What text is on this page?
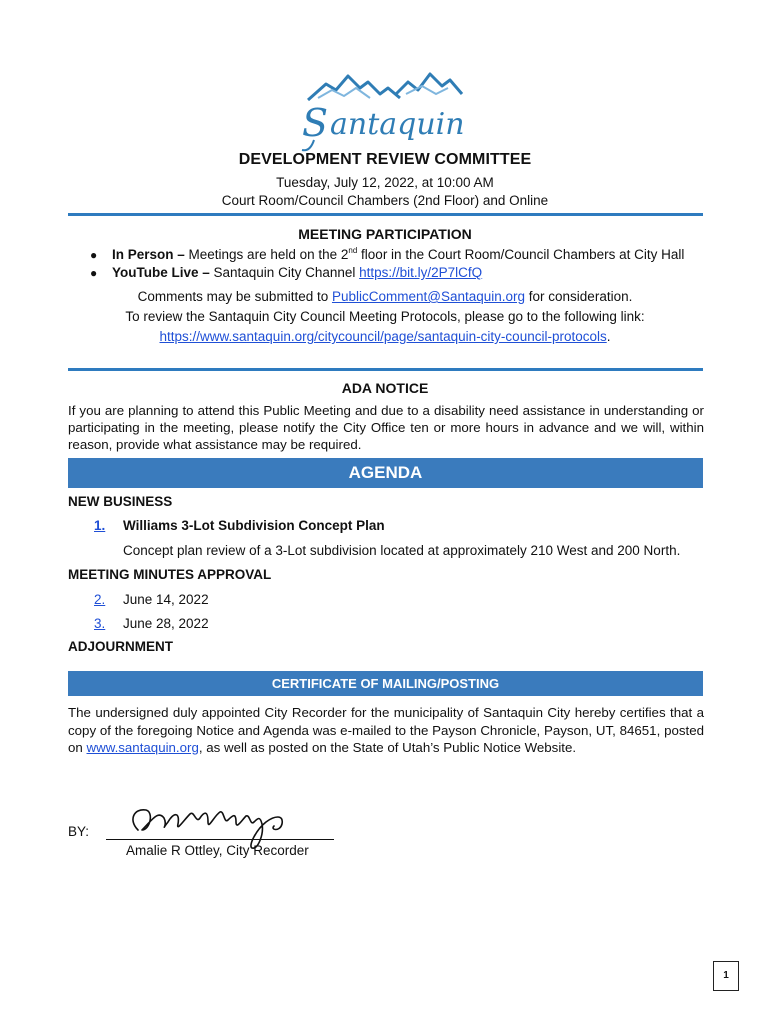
S antaquin
DEVELOPMENT REVIEW COMMITTEE
Tuesday, July 12, 2022, at 10:00 AM
Court Room/Council Chambers (2nd Floor) and Online
MEETING PARTICIPATION
● In Person – Meetings are held on the 2nd floor in the Court Room/Council Chambers at City Hall
● YouTube Live – Santaquin City Channel https://bit.ly/2P7lCfQ
Comments may be submitted to PublicComment@Santaquin.org for consideration.
To review the Santaquin City Council Meeting Protocols, please go to the following link:
https://www.santaquin.org/citycouncil/page/santaquin-city-council-protocols.
ADA NOTICE
If you are planning to attend this Public Meeting and due to a disability need assistance in understanding or participating in the meeting, please notify the City Office ten or more hours in advance and we will, within reason, provide what assistance may be required.
AGENDA
NEW BUSINESS
1. Williams 3-Lot Subdivision Concept Plan
Concept plan review of a 3-Lot subdivision located at approximately 210 West and 200 North.
MEETING MINUTES APPROVAL
2. June 14, 2022
3. June 28, 2022
ADJOURNMENT
CERTIFICATE OF MAILING/POSTING
The undersigned duly appointed City Recorder for the municipality of Santaquin City hereby certifies that a copy of the foregoing Notice and Agenda was e-mailed to the Payson Chronicle, Payson, UT, 84651, posted on www.santaquin.org, as well as posted on the State of Utah’s Public Notice Website.
BY:
Amalie R Ottley, City Recorder
1
